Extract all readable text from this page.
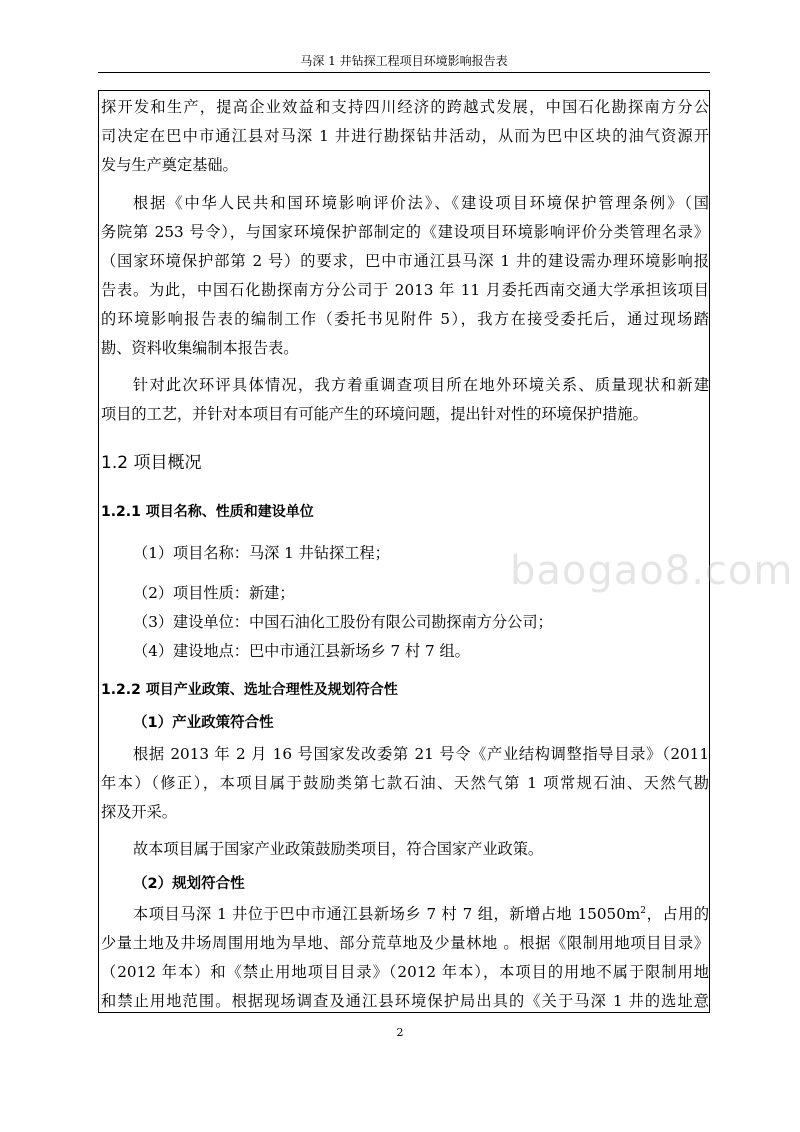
马深 1 井钻探工程项目环境影响报告表
探开发和生产，提高企业效益和支持四川经济的跨越式发展，中国石化勘探南方分公
司决定在巴中市通江县对马深 1 井进行勘探钻井活动，从而为巴中区块的油气资源开
发与生产奠定基础。
根据《中华人民共和国环境影响评价法》、《建设项目环境保护管理条例》（国
务院第 253 号令），与国家环境保护部制定的《建设项目环境影响评价分类管理名录》
（国家环境保护部第 2 号）的要求，巴中市通江县马深 1 井的建设需办理环境影响报
告表。为此，中国石化勘探南方分公司于 2013 年 11 月委托西南交通大学承担该项目
的环境影响报告表的编制工作（委托书见附件 5），我方在接受委托后，通过现场踏
勘、资料收集编制本报告表。
针对此次环评具体情况，我方着重调查项目所在地外环境关系、质量现状和新建
项目的工艺，并针对本项目有可能产生的环境问题，提出针对性的环境保护措施。
1.2 项目概况
1.2.1 项目名称、性质和建设单位
（1）项目名称：马深 1 井钻探工程；
（2）项目性质：新建；
（3）建设单位：中国石油化工股份有限公司勘探南方分公司；
（4）建设地点：巴中市通江县新场乡 7 村 7 组。
1.2.2 项目产业政策、选址合理性及规划符合性
（1）产业政策符合性
根据 2013 年 2 月 16 号国家发改委第 21 号令《产业结构调整指导目录》（2011
年本）（修正），本项目属于鼓励类第七款石油、天然气第 1 项常规石油、天然气勘
探及开采。
故本项目属于国家产业政策鼓励类项目，符合国家产业政策。
（2）规划符合性
本项目马深 1 井位于巴中市通江县新场乡 7 村 7 组，新增占地 $15050m^2$，占用的
少量土地及井场周围用地为旱地、部分荒草地及少量林地 。根据《限制用地项目目录》
（2012 年本）和《禁止用地项目目录》（2012 年本），本项目的用地不属于限制用地
和禁止用地范围。根据现场调查及通江县环境保护局出具的《关于马深 1 井的选址意
baogao8.com
2
